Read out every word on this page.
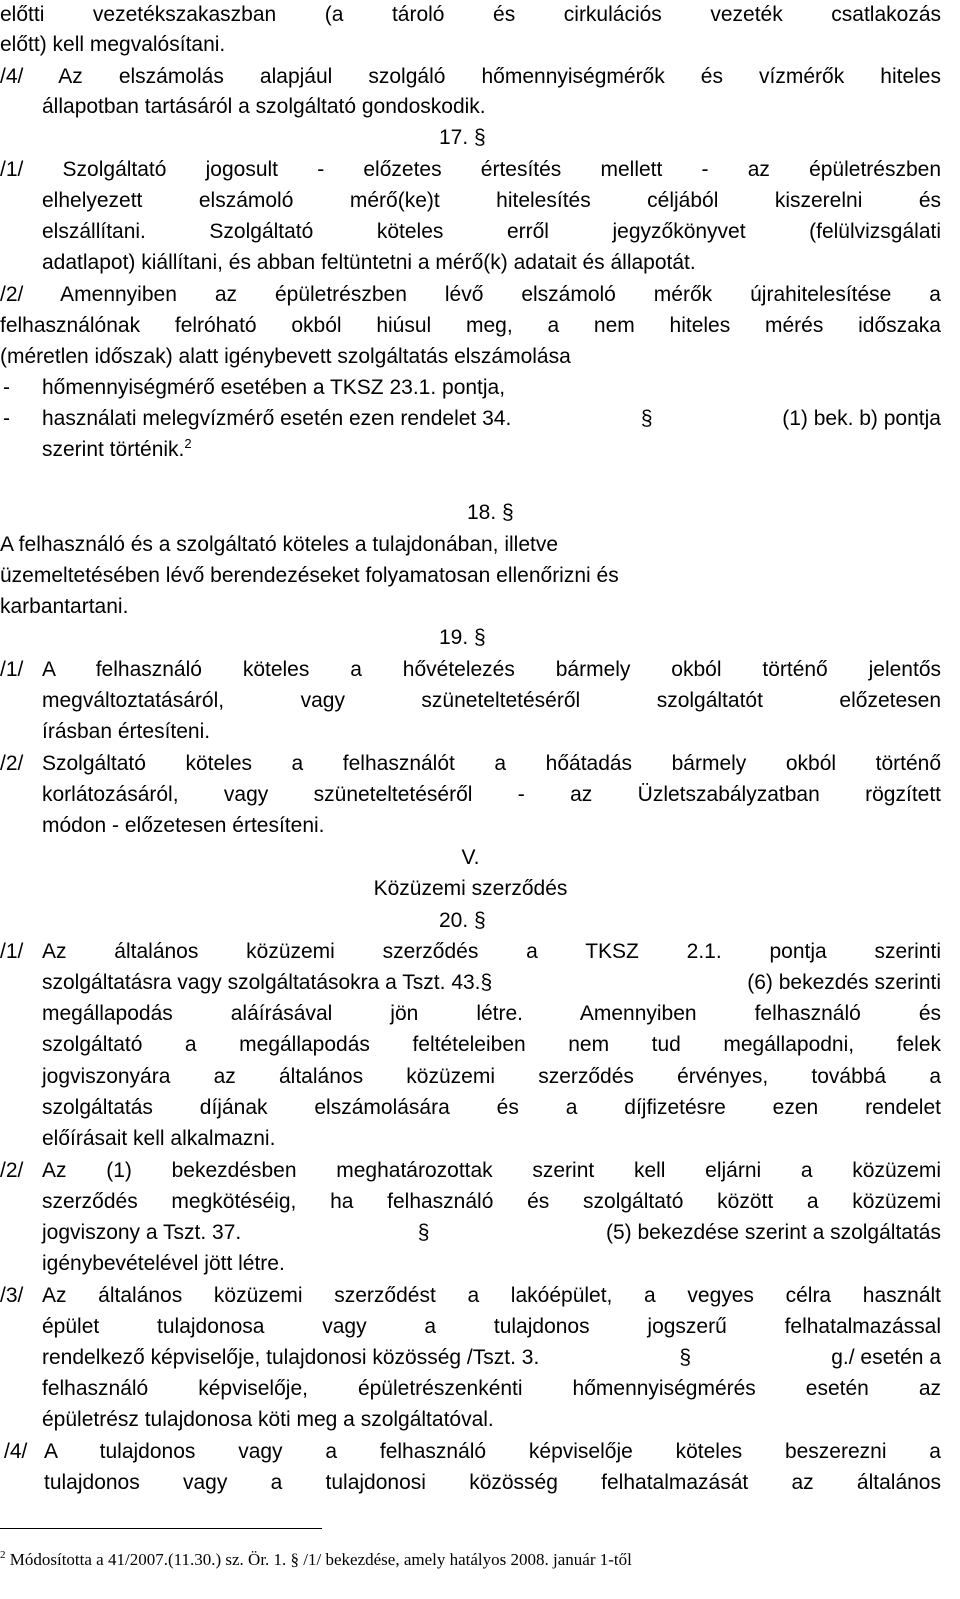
előtti vezetékszakaszban (a tároló és cirkulációs vezeték csatlakozás
előtt) kell megvalósítani.
/4/ Az elszámolás alapjául szolgáló hőmennyiségmérők és vízmérők hiteles
állapotban tartásáról a szolgáltató gondoskodik.
17. §
/1/ Szolgáltató jogosult - előzetes értesítés mellett - az épületrészben
elhelyezett elszámoló mérő(ke)t hitelesítés céljából kiszerelni és
elszállítani. Szolgáltató köteles erről jegyzőkönyvet (felülvizsgálati
adatlapot) kiállítani, és abban feltüntetni a mérő(k) adatait és állapotát.
/2/ Amennyiben az épületrészben lévő elszámoló mérők újrahitelesítése a
felhasználónak felróható okból hiúsul meg, a nem hiteles mérés időszaka
(méretlen időszak) alatt igénybevett szolgáltatás elszámolása
- hőmennyiségmérő esetében a TKSZ 23.1. pontja,
- használati melegvízmérő esetén ezen rendelet 34.	§	(1) bek. b) pontja
szerint történik.$^2$
18. §
A felhasználó és a szolgáltató köteles a tulajdonában, illetve
üzemeltetésében lévő berendezéseket folyamatosan ellenőrizni és
karbantartani.
19. §
/1/ A felhasználó köteles a hővételezés bármely okból történő jelentős
megváltoztatásáról, vagy szüneteltetéséről szolgáltatót előzetesen
írásban értesíteni.
/2/ Szolgáltató köteles a felhasználót a hőátadás bármely okból történő
korlátozásáról, vagy szüneteltetéséről - az Üzletszabályzatban rögzített
módon - előzetesen értesíteni.
V.
Közüzemi szerződés
20. §
/1/ Az általános közüzemi szerződés a TKSZ 2.1. pontja szerinti
szolgáltatásra vagy szolgáltatásokra a Tszt. 43.§	(6) bekezdés szerinti
megállapodás aláírásával jön létre. Amennyiben felhasználó és
szolgáltató a megállapodás feltételeiben nem tud megállapodni, felek
jogviszonyára az általános közüzemi szerződés érvényes, továbbá a
szolgáltatás díjának elszámolására és a díjfizetésre ezen rendelet
előírásait kell alkalmazni.
/2/ Az (1) bekezdésben meghatározottak szerint kell eljárni a közüzemi
szerződés megkötéséig, ha felhasználó és szolgáltató között a közüzemi
jogviszony a Tszt. 37.	§	(5) bekezdése szerint a szolgáltatás
igénybevételével jött létre.
/3/ Az általános közüzemi szerződést a lakóépület, a vegyes célra használt
épület tulajdonosa vagy a tulajdonos jogszerű felhatalmazással
rendelkező képviselője, tulajdonosi közösség /Tszt. 3.	§	g./ esetén a
felhasználó képviselője, épületrészenkénti hőmennyiségmérés esetén az
épületrész tulajdonosa köti meg a szolgáltatóval.
/4/ A tulajdonos vagy a felhasználó képviselője köteles beszerezni a
tulajdonos vagy a tulajdonosi közösség felhatalmazását az általános
$^2$ Módosította a 41/2007.(11.30.) sz. Ör. 1. § /1/ bekezdése, amely hatályos 2008. január 1-től
